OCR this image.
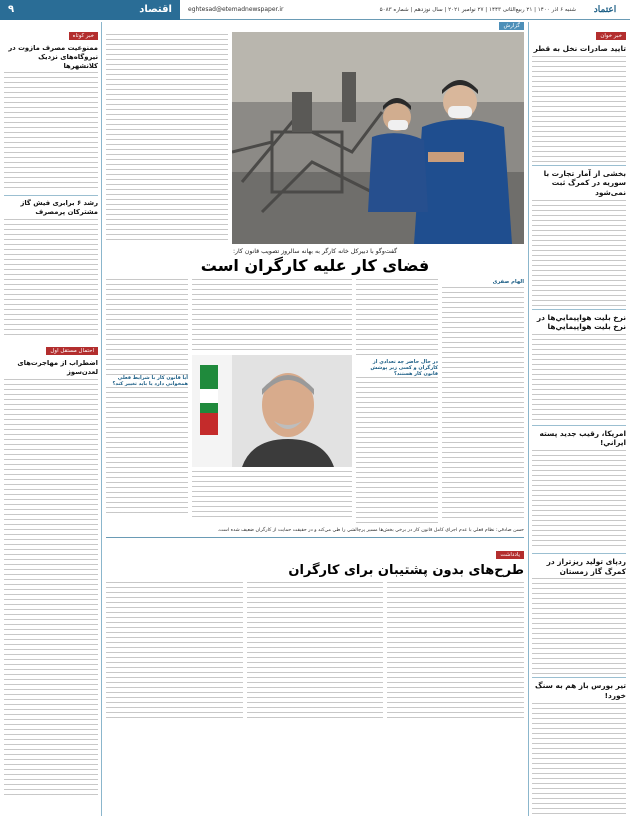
اعتماد
شنبه ۶ آذر ۱۴۰۰ | ۲۱ ربیع‌الثانی ۱۴۴۳ | ۲۷ نوامبر ۲۰۲۱ | سال نوزدهم | شماره ۵۰۸۳
eghtesad@etemadnewspaper.ir
اقتصاد
۹
خبر خوان
تاييد صادرات نخل به قطر
بخشی از آمار تجارت با سوريه در کمرگ ثبت نمی‌شود
نرخ بليت هواپيمايي‌ها در نرخ بليت هواپيمايي‌ها
امريکا، رقيب جديد پسته ايراني!
ردپای توليد ريزتراز در کمرگ گاز زمستان
تير بورس باز هم به سنگ خورد!
خبر کوتاه
ممنوعيت مصرف مازوت در نيروگاه‌های نزديک کلانشهرها
رشد ۶ برابری فيش گاز مشترکان پرمصرف
احتمال مستقل اول
اضطراب از مهاجرت‌های لعدن‌سوز
گزارش
گفت‌وگو با دبيرکل خانه کارگر به بهانه سالروز تصويب قانون کار:
فضای کار عليه کارگران است
الهام صفری
در حال حاضر چه تعدادي از کارگران و کسی زير پوشش قانون کار هستند؟
آيا قانون کار با شرايط فعلي همخواني دارد يا بايد تغيير کند؟
حسن صادقي: نظام فعلي با عدم اجراي کامل قانون کار در برخي بخش‌ها مسير پرچالشي را طي مي‌کند و در حقيقت حمايت از کارگران ضعيف شده است.
يادداشت
طرح‌های بدون پشتيبان برای کارگران
